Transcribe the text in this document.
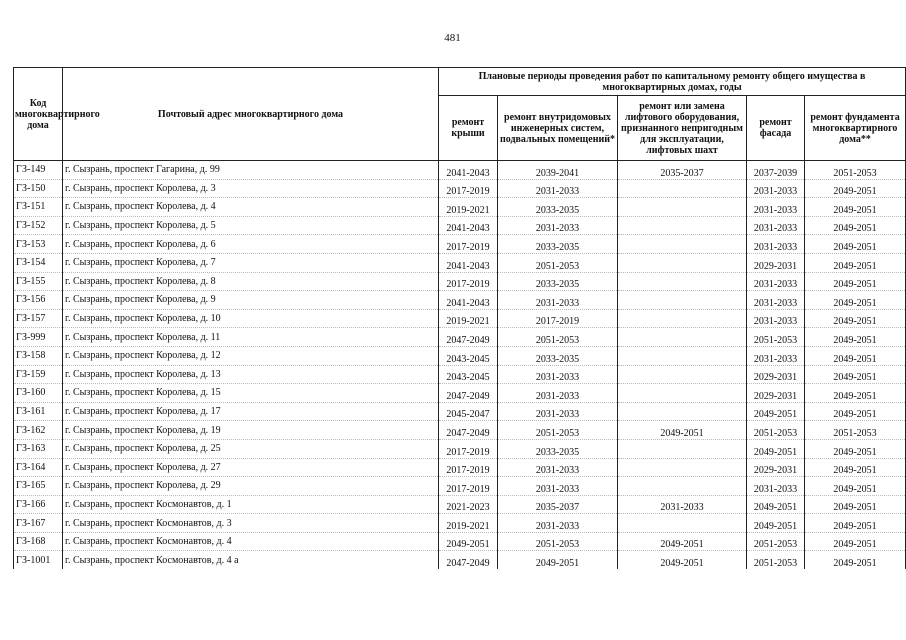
481
Код многоквартирного дома	Почтовый адрес многоквартирного дома	Плановые периоды проведения работ по капитальному ремонту общего имущества в многоквартирных домах, годы				
		ремонт крыши	ремонт внутридомовых инженерных систем, подвальных помещений*	ремонт или замена лифтового оборудования, признанного непригодным для эксплуатации, лифтовых шахт	ремонт фасада	ремонт фундамента многоквартирного дома**
ГЗ-149	г. Сызрань, проспект Гагарина, д. 99	2041-2043	2039-2041	2035-2037	2037-2039	2051-2053
ГЗ-150	г. Сызрань, проспект Королева, д. 3	2017-2019	2031-2033		2031-2033	2049-2051
ГЗ-151	г. Сызрань, проспект Королева, д. 4	2019-2021	2033-2035		2031-2033	2049-2051
ГЗ-152	г. Сызрань, проспект Королева, д. 5	2041-2043	2031-2033		2031-2033	2049-2051
ГЗ-153	г. Сызрань, проспект Королева, д. 6	2017-2019	2033-2035		2031-2033	2049-2051
ГЗ-154	г. Сызрань, проспект Королева, д. 7	2041-2043	2051-2053		2029-2031	2049-2051
ГЗ-155	г. Сызрань, проспект Королева, д. 8	2017-2019	2033-2035		2031-2033	2049-2051
ГЗ-156	г. Сызрань, проспект Королева, д. 9	2041-2043	2031-2033		2031-2033	2049-2051
ГЗ-157	г. Сызрань, проспект Королева, д. 10	2019-2021	2017-2019		2031-2033	2049-2051
ГЗ-999	г. Сызрань, проспект Королева, д. 11	2047-2049	2051-2053		2051-2053	2049-2051
ГЗ-158	г. Сызрань, проспект Королева, д. 12	2043-2045	2033-2035		2031-2033	2049-2051
ГЗ-159	г. Сызрань, проспект Королева, д. 13	2043-2045	2031-2033		2029-2031	2049-2051
ГЗ-160	г. Сызрань, проспект Королева, д. 15	2047-2049	2031-2033		2029-2031	2049-2051
ГЗ-161	г. Сызрань, проспект Королева, д. 17	2045-2047	2031-2033		2049-2051	2049-2051
ГЗ-162	г. Сызрань, проспект Королева, д. 19	2047-2049	2051-2053	2049-2051	2051-2053	2051-2053
ГЗ-163	г. Сызрань, проспект Королева, д. 25	2017-2019	2033-2035		2049-2051	2049-2051
ГЗ-164	г. Сызрань, проспект Королева, д. 27	2017-2019	2031-2033		2029-2031	2049-2051
ГЗ-165	г. Сызрань, проспект Королева, д. 29	2017-2019	2031-2033		2031-2033	2049-2051
ГЗ-166	г. Сызрань, проспект Космонавтов, д. 1	2021-2023	2035-2037	2031-2033	2049-2051	2049-2051
ГЗ-167	г. Сызрань, проспект Космонавтов, д. 3	2019-2021	2031-2033		2049-2051	2049-2051
ГЗ-168	г. Сызрань, проспект Космонавтов, д. 4	2049-2051	2051-2053	2049-2051	2051-2053	2049-2051
ГЗ-1001	г. Сызрань, проспект Космонавтов, д. 4 а	2047-2049	2049-2051	2049-2051	2051-2053	2049-2051
